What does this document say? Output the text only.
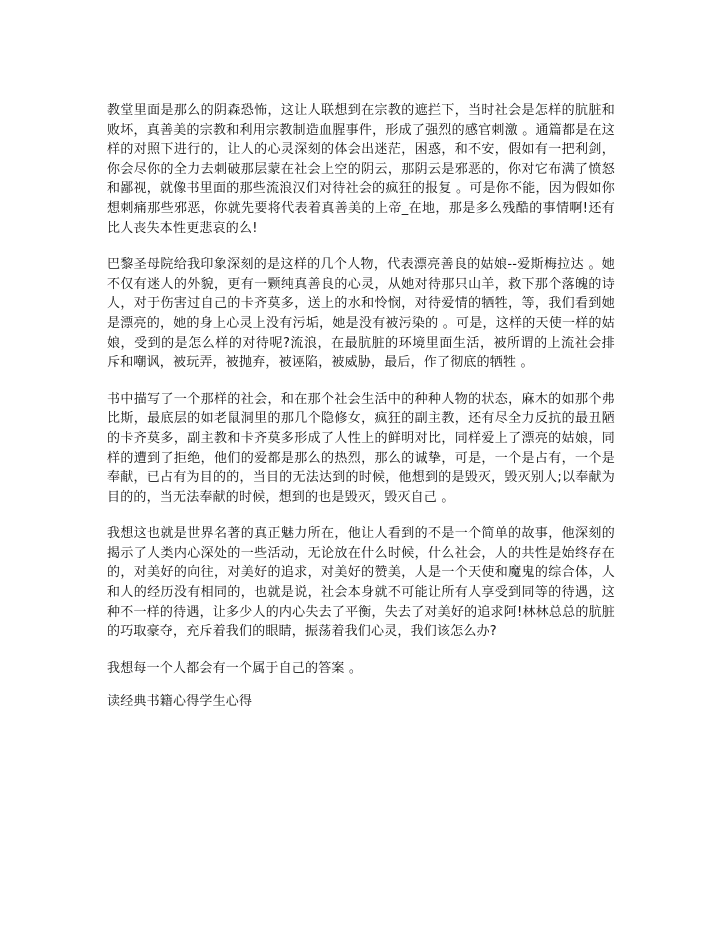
教堂里面是那么的阴森恐怖，这让人联想到在宗教的遮拦下，当时社会是怎样的肮脏和败坏，真善美的宗教和利用宗教制造血腥事件，形成了强烈的感官刺激 。通篇都是在这样的对照下进行的，让人的心灵深刻的体会出迷茫，困惑，和不安，假如有一把利剑，你会尽你的全力去刺破那层蒙在社会上空的阴云，那阴云是邪恶的，你对它布满了愤怒和鄙视，就像书里面的那些流浪汉们对待社会的疯狂的报复 。可是你不能，因为假如你想刺痛那些邪恶，你就先要将代表着真善美的上帝_在地，那是多么残酷的事情啊!还有比人丧失本性更悲哀的么!

巴黎圣母院给我印象深刻的是这样的几个人物，代表漂亮善良的姑娘--爱斯梅拉达 。她不仅有迷人的外貌，更有一颗纯真善良的心灵，从她对待那只山羊，救下那个落魄的诗人，对于伤害过自己的卡齐莫多，送上的水和怜悯，对待爱情的牺牲，等，我们看到她是漂亮的，她的身上心灵上没有污垢，她是没有被污染的 。可是，这样的天使一样的姑娘，受到的是怎么样的对待呢?流浪，在最肮脏的环境里面生活，被所谓的上流社会排斥和嘲讽，被玩弄，被抛弃，被诬陷，被威胁，最后，作了彻底的牺牲 。

书中描写了一个那样的社会，和在那个社会生活中的种种人物的状态，麻木的如那个弗比斯，最底层的如老鼠洞里的那几个隐修女，疯狂的副主教，还有尽全力反抗的最丑陋的卡齐莫多，副主教和卡齐莫多形成了人性上的鲜明对比，同样爱上了漂亮的姑娘，同样的遭到了拒绝，他们的爱都是那么的热烈，那么的诚挚，可是，一个是占有，一个是奉献，已占有为目的的，当目的无法达到的时候，他想到的是毁灭，毁灭别人;以奉献为目的的，当无法奉献的时候，想到的也是毁灭，毁灭自己 。

我想这也就是世界名著的真正魅力所在，他让人看到的不是一个简单的故事，他深刻的揭示了人类内心深处的一些活动，无论放在什么时候，什么社会，人的共性是始终存在的，对美好的向往，对美好的追求，对美好的赞美，人是一个天使和魔鬼的综合体，人和人的经历没有相同的，也就是说，社会本身就不可能让所有人享受到同等的待遇，这种不一样的待遇，让多少人的内心失去了平衡，失去了对美好的追求阿!林林总总的肮脏的巧取豪夺，充斥着我们的眼睛，振荡着我们心灵，我们该怎么办?

我想每一个人都会有一个属于自己的答案 。

读经典书籍心得学生心得
